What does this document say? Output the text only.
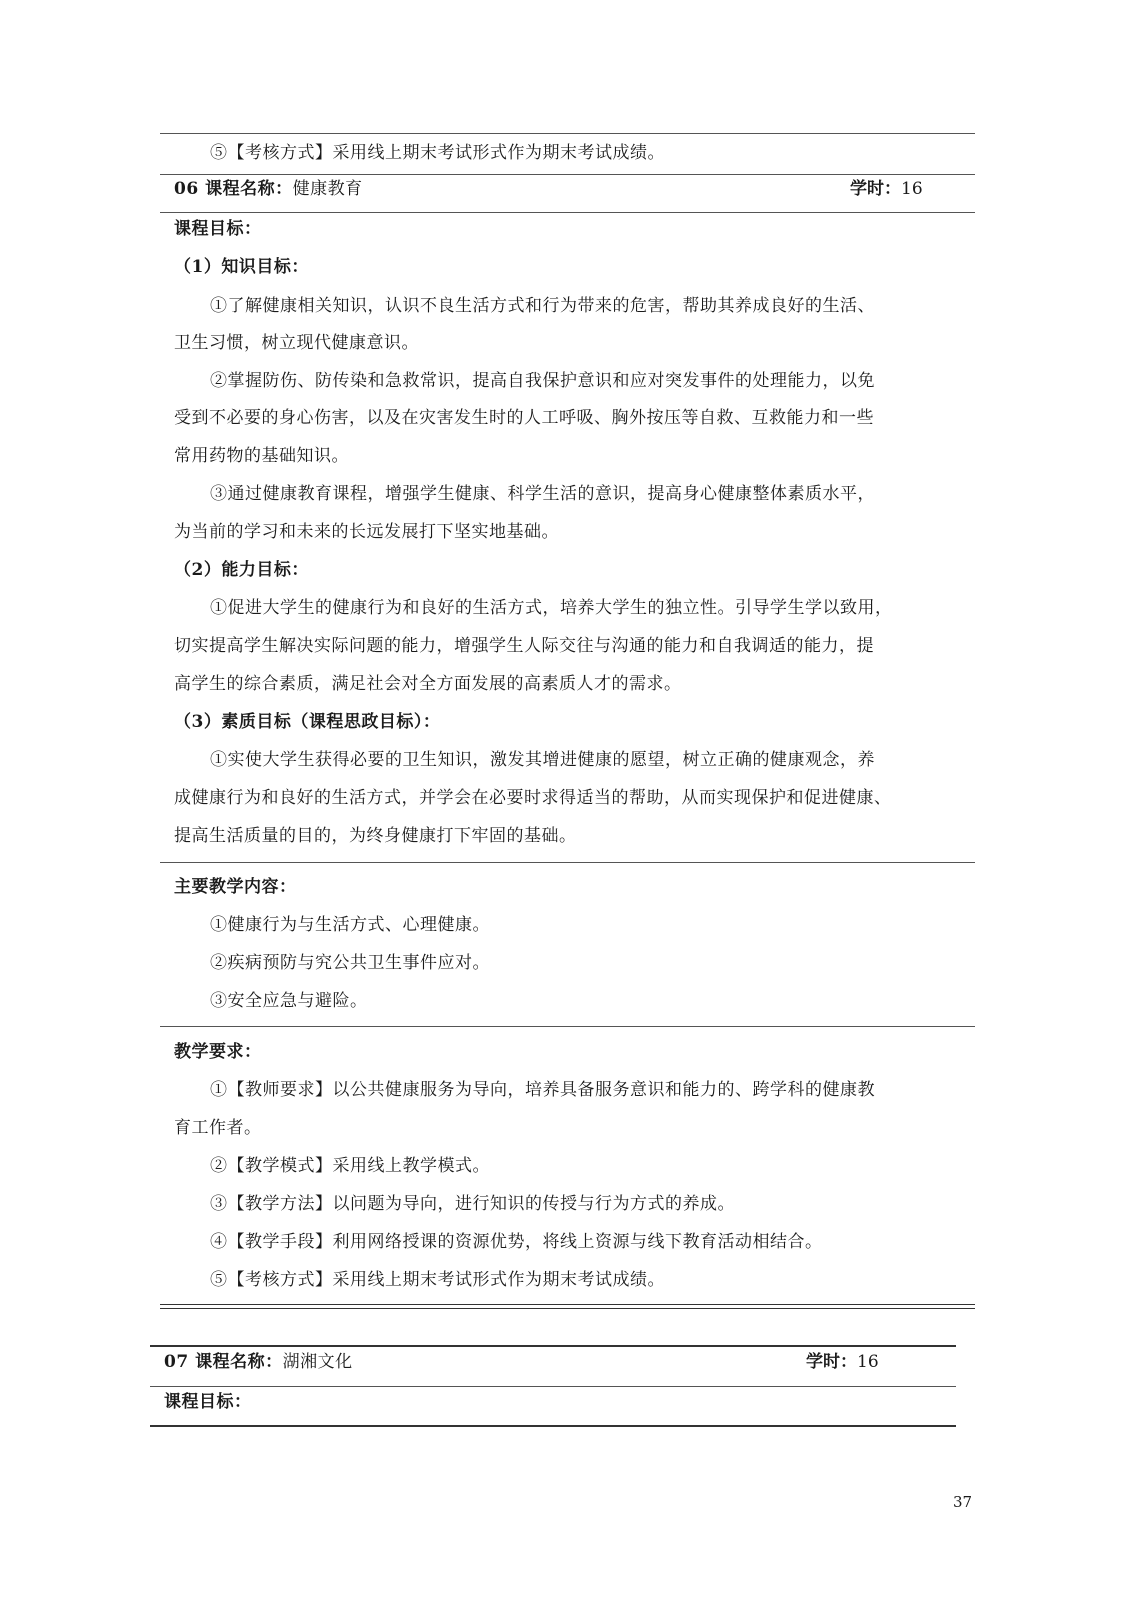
⑤【考核方式】采用线上期末考试形式作为期末考试成绩。
06 课程名称：健康教育	学时：16
课程目标：
（1）知识目标：
①了解健康相关知识，认识不良生活方式和行为带来的危害，帮助其养成良好的生活、
卫生习惯，树立现代健康意识。
②掌握防伤、防传染和急救常识，提高自我保护意识和应对突发事件的处理能力，以免
受到不必要的身心伤害，以及在灾害发生时的人工呼吸、胸外按压等自救、互救能力和一些
常用药物的基础知识。
③通过健康教育课程，增强学生健康、科学生活的意识，提高身心健康整体素质水平，
为当前的学习和未来的长远发展打下坚实地基础。
（2）能力目标：
①促进大学生的健康行为和良好的生活方式，培养大学生的独立性。引导学生学以致用，
切实提高学生解决实际问题的能力，增强学生人际交往与沟通的能力和自我调适的能力，提
高学生的综合素质，满足社会对全方面发展的高素质人才的需求。
（3）素质目标（课程思政目标）：
①实使大学生获得必要的卫生知识，激发其增进健康的愿望，树立正确的健康观念，养
成健康行为和良好的生活方式，并学会在必要时求得适当的帮助，从而实现保护和促进健康、
提高生活质量的目的，为终身健康打下牢固的基础。
主要教学内容：
①健康行为与生活方式、心理健康。
②疾病预防与究公共卫生事件应对。
③安全应急与避险。
教学要求：
①【教师要求】以公共健康服务为导向，培养具备服务意识和能力的、跨学科的健康教
育工作者。
②【教学模式】采用线上教学模式。
③【教学方法】以问题为导向，进行知识的传授与行为方式的养成。
④【教学手段】利用网络授课的资源优势，将线上资源与线下教育活动相结合。
⑤【考核方式】采用线上期末考试形式作为期末考试成绩。
07 课程名称：湖湘文化	学时：16
课程目标：
37
